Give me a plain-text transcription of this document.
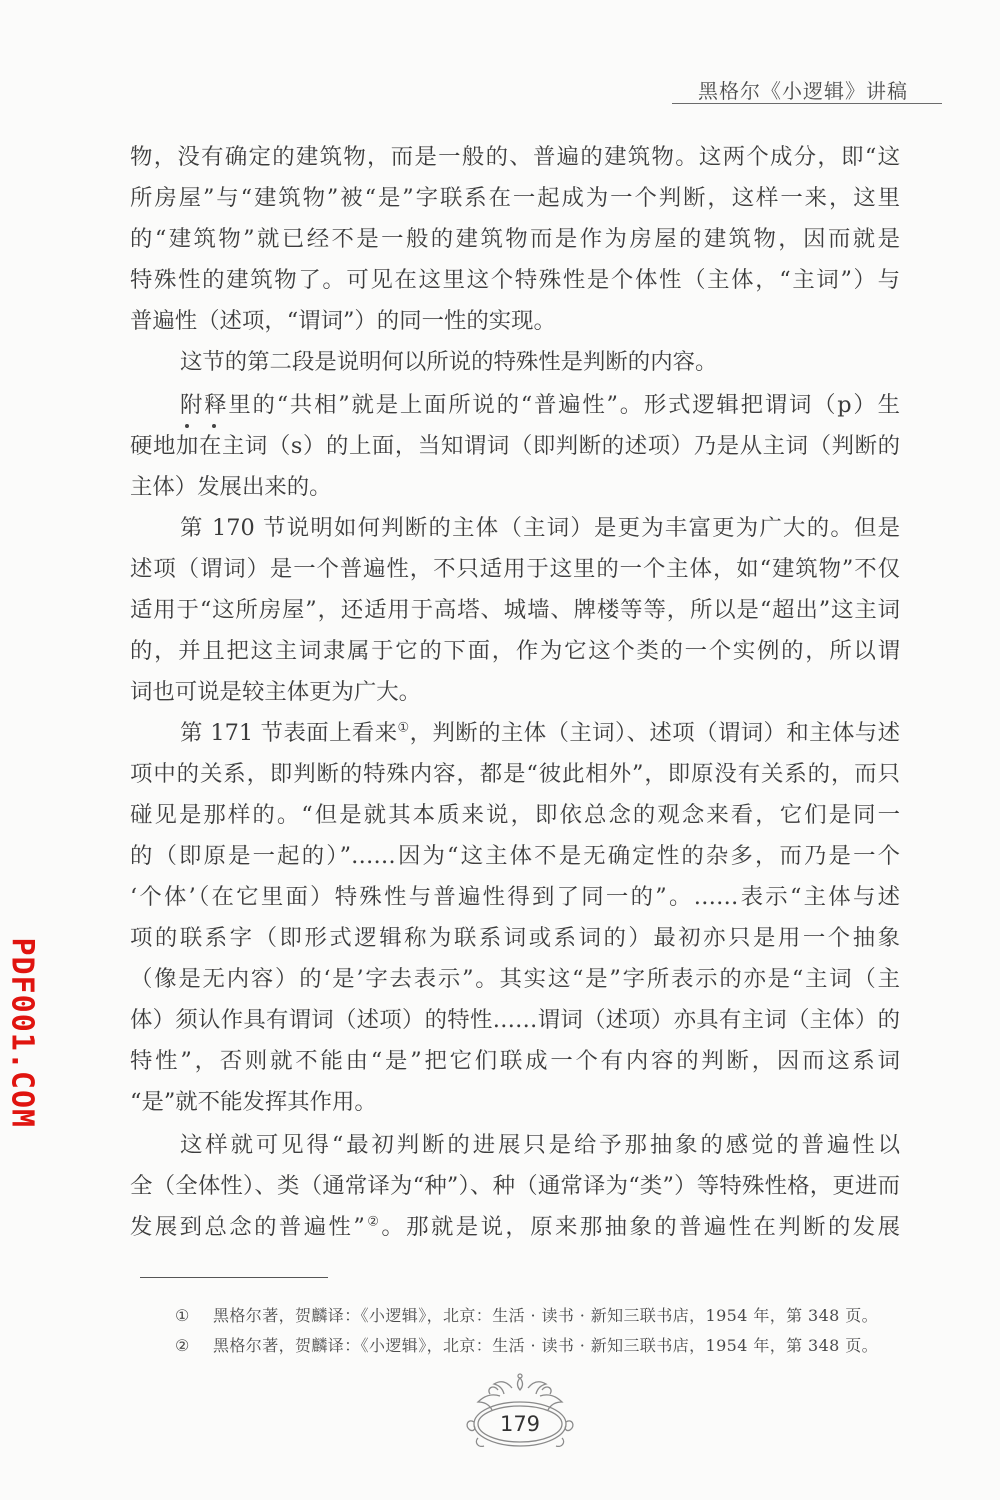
黑格尔《小逻辑》讲稿
物，没有确定的建筑物，而是一般的、普遍的建筑物。这两个成分，即“这
所房屋”与“建筑物”被“是”字联系在一起成为一个判断，这样一来，这里
的“建筑物”就已经不是一般的建筑物而是作为房屋的建筑物，因而就是
特殊性的建筑物了。可见在这里这个特殊性是个体性（主体，“主词”）与
普遍性（述项，“谓词”）的同一性的实现。
这节的第二段是说明何以所说的特殊性是判断的内容。
附释里的“共相”就是上面所说的“普遍性”。形式逻辑把谓词（p）生
硬地加在主词（s）的上面，当知谓词（即判断的述项）乃是从主词（判断的
主体）发展出来的。
第 170 节说明如何判断的主体（主词）是更为丰富更为广大的。但是
述项（谓词）是一个普遍性，不只适用于这里的一个主体，如“建筑物”不仅
适用于“这所房屋”，还适用于高塔、城墙、牌楼等等，所以是“超出”这主词
的，并且把这主词隶属于它的下面，作为它这个类的一个实例的，所以谓
词也可说是较主体更为广大。
第 171 节表面上看来①，判断的主体（主词）、述项（谓词）和主体与述
项中的关系，即判断的特殊内容，都是“彼此相外”，即原没有关系的，而只
碰见是那样的。“但是就其本质来说，即依总念的观念来看，它们是同一
的（即原是一起的）”……因为“这主体不是无确定性的杂多，而乃是一个
‘个体’（在它里面）特殊性与普遍性得到了同一的”。……表示“主体与述
项的联系字（即形式逻辑称为联系词或系词的）最初亦只是用一个抽象
（像是无内容）的‘是’字去表示”。其实这“是”字所表示的亦是“主词（主
体）须认作具有谓词（述项）的特性……谓词（述项）亦具有主词（主体）的
特性”，否则就不能由“是”把它们联成一个有内容的判断，因而这系词
“是”就不能发挥其作用。
这样就可见得“最初判断的进展只是给予那抽象的感觉的普遍性以
全（全体性）、类（通常译为“种”）、种（通常译为“类”）等特殊性格，更进而
发展到总念的普遍性”②。那就是说，原来那抽象的普遍性在判断的发展
① 黑格尔著，贺麟译：《小逻辑》，北京：生活 · 读书 · 新知三联书店，1954 年，第 348 页。
② 黑格尔著，贺麟译：《小逻辑》，北京：生活 · 读书 · 新知三联书店，1954 年，第 348 页。
179
PDF001.COM
